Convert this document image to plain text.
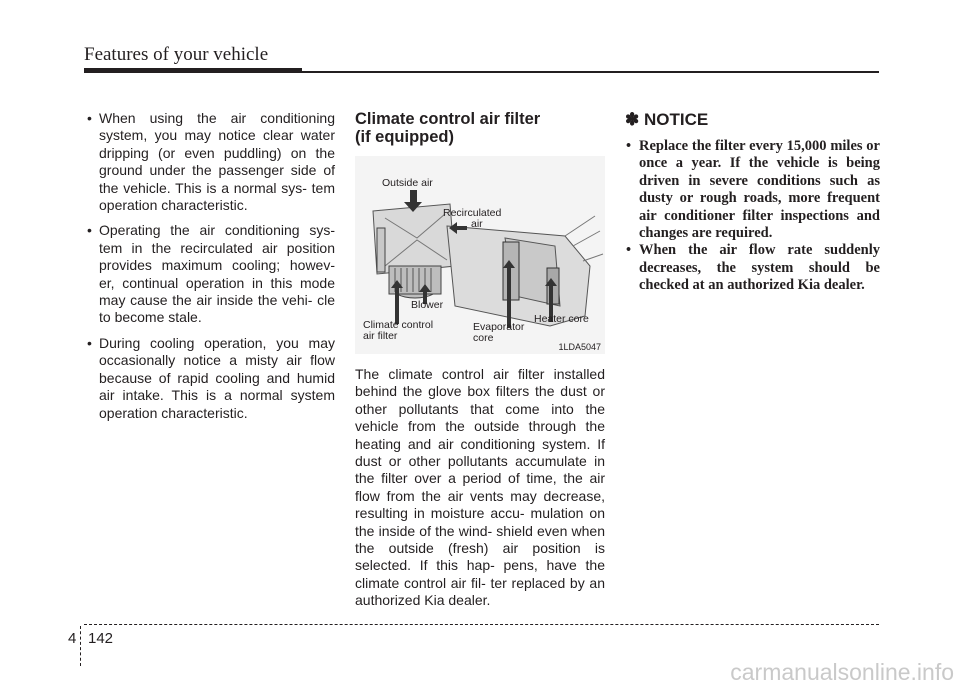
Features of your vehicle
• When using the air conditioning system, you may notice clear water dripping (or even puddling) on the ground under the passenger side of the vehicle. This is a normal sys- tem operation characteristic.
• Operating the air conditioning sys- tem in the recirculated air position provides maximum cooling; howev- er, continual operation in this mode may cause the air inside the vehi- cle to become stale.
• During cooling operation, you may occasionally notice a misty air flow because of rapid cooling and humid air intake. This is a normal system operation characteristic.
Climate control air filter
(if equipped)
Outside air
Recirculated
air
Blower
Climate control
air filter
Evaporator
core
Heater core
1LDA5047

The climate control air filter installed behind the glove box filters the dust or other pollutants that come into the vehicle from the outside through the heating and air conditioning system. If dust or other pollutants accumulate in the filter over a period of time, the air flow from the air vents may decrease, resulting in moisture accu- mulation on the inside of the wind- shield even when the outside (fresh) air position is selected. If this hap- pens, have the climate control air fil- ter replaced by an authorized Kia dealer.

✽ NOTICE
• Replace the filter every 15,000 miles or once a year. If the vehicle is being driven in severe conditions such as dusty or rough roads, more frequent air conditioner filter inspections and changes are required.
• When the air flow rate suddenly decreases, the system should be checked at an authorized Kia dealer.
4 142
carmanualsonline.info
